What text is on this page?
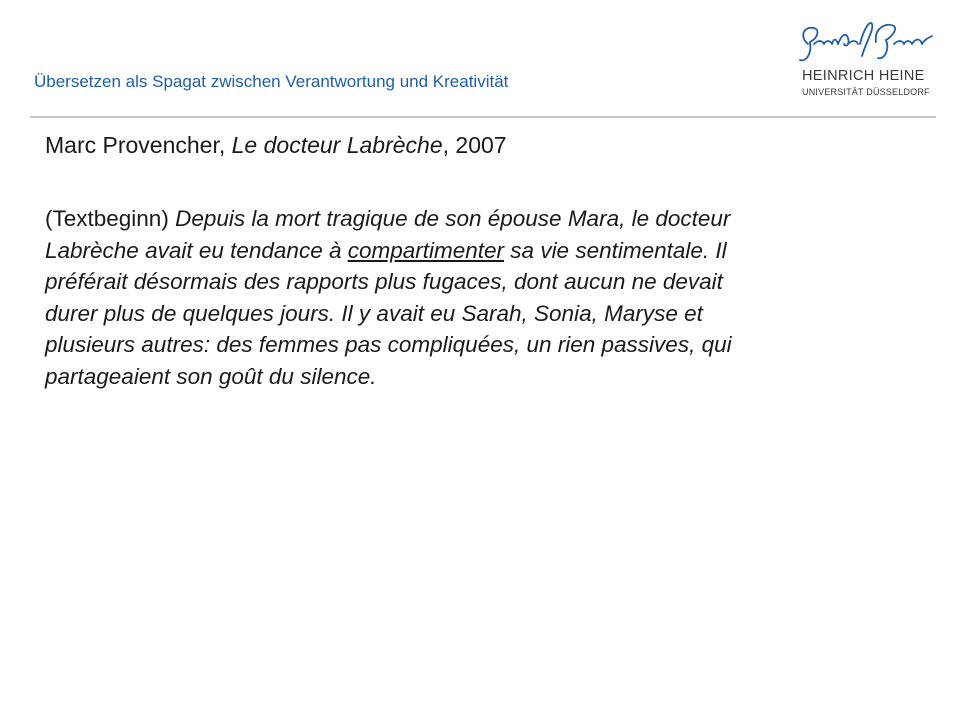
Übersetzen als Spagat zwischen Verantwortung und Kreativität	HEINRICH HEINE
UNIVERSITÄT DÜSSELDORF
Marc Provencher, Le docteur Labrèche, 2007
(Textbeginn) Depuis la mort tragique de son épouse Mara, le docteur
Labrèche avait eu tendance à compartimenter sa vie sentimentale. Il
préférait désormais des rapports plus fugaces, dont aucun ne devait
durer plus de quelques jours. Il y avait eu Sarah, Sonia, Maryse et
plusieurs autres: des femmes pas compliquées, un rien passives, qui
partageaient son goût du silence.
